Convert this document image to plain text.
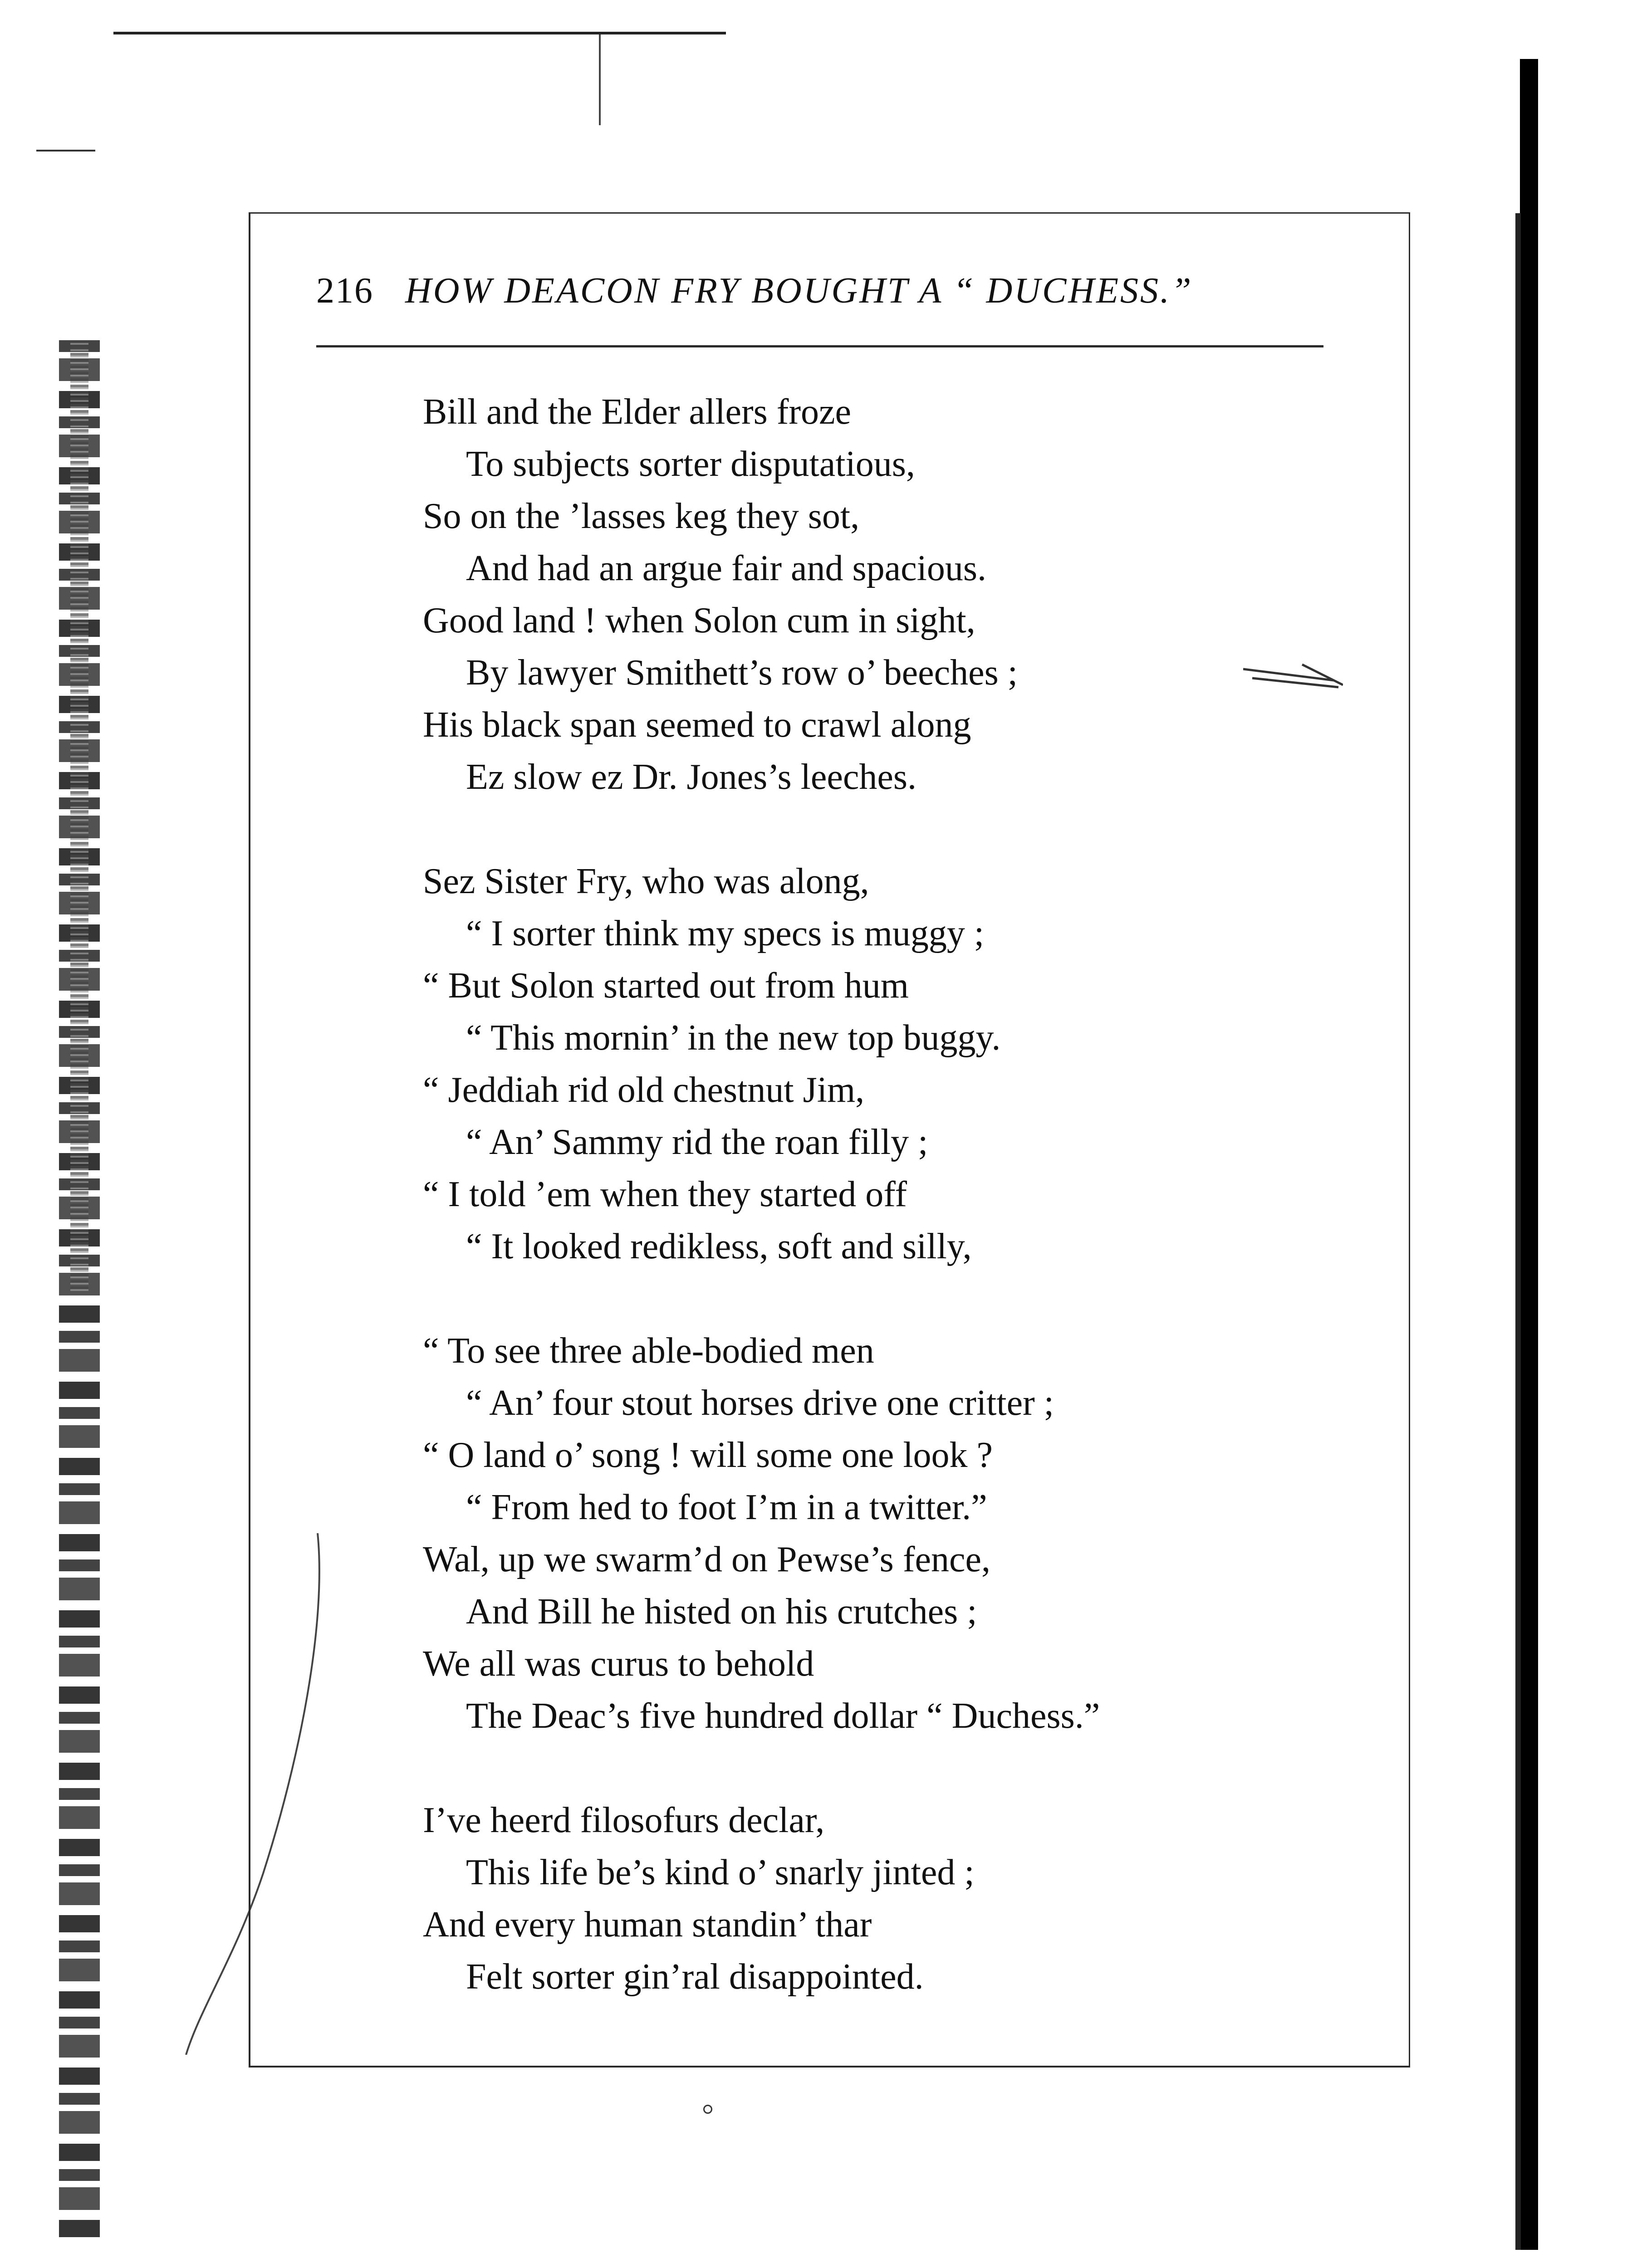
216 HOW DEACON FRY BOUGHT A “ DUCHESS.”
Bill and the Elder allers froze
To subjects sorter disputatious,
So on the ’lasses keg they sot,
And had an argue fair and spacious.
Good land ! when Solon cum in sight,
By lawyer Smithett’s row o’ beeches ;
His black span seemed to crawl along
Ez slow ez Dr. Jones’s leeches.
Sez Sister Fry, who was along,
“ I sorter think my specs is muggy ;
“ But Solon started out from hum
“ This mornin’ in the new top buggy.
“ Jeddiah rid old chestnut Jim,
“ An’ Sammy rid the roan filly ;
“ I told ’em when they started off
“ It looked redikless, soft and silly,
“ To see three able-bodied men
“ An’ four stout horses drive one critter ;
“ O land o’ song ! will some one look ?
“ From hed to foot I’m in a twitter.”
Wal, up we swarm’d on Pewse’s fence,
And Bill he histed on his crutches ;
We all was curus to behold
The Deac’s five hundred dollar “ Duchess.”
I’ve heerd filosofurs declar,
This life be’s kind o’ snarly jinted ;
And every human standin’ thar
Felt sorter gin’ral disappointed.
